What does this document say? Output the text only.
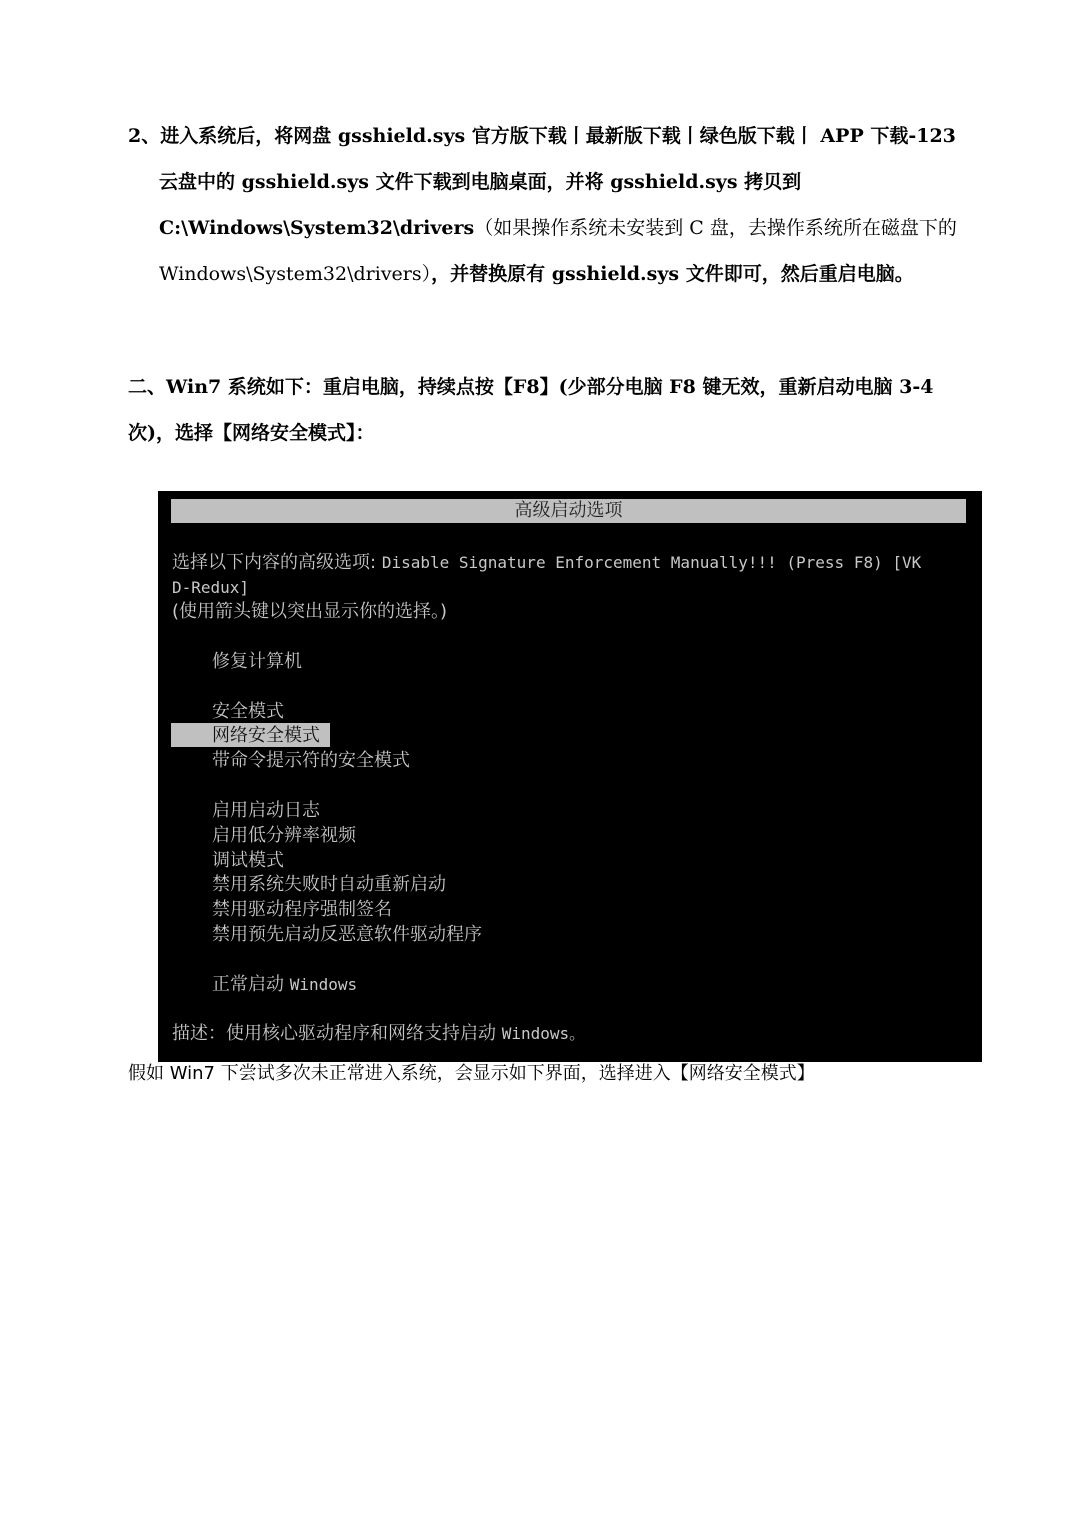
2、进入系统后，将网盘 gsshield.sys 官方版下载丨最新版下载丨绿色版下载丨 APP 下载-123
云盘中的 gsshield.sys 文件下载到电脑桌面，并将 gsshield.sys 拷贝到
C:\Windows\System32\drivers（如果操作系统未安装到 C 盘，去操作系统所在磁盘下的
Windows\System32\drivers），并替换原有 gsshield.sys 文件即可，然后重启电脑。
二、Win7 系统如下：重启电脑，持续点按【F8】(少部分电脑 F8 键无效，重新启动电脑 3-4
次)，选择【网络安全模式】：
高级启动选项
选择以下内容的高级选项: Disable Signature Enforcement Manually!!! (Press F8) [VK
D-Redux]
(使用箭头键以突出显示你的选择。)
修复计算机
安全模式
网络安全模式
带命令提示符的安全模式
启用启动日志
启用低分辨率视频
调试模式
禁用系统失败时自动重新启动
禁用驱动程序强制签名
禁用预先启动反恶意软件驱动程序
正常启动 Windows
描述：使用核心驱动程序和网络支持启动 Windows。
假如 Win7 下尝试多次未正常进入系统，会显示如下界面，选择进入【网络安全模式】
